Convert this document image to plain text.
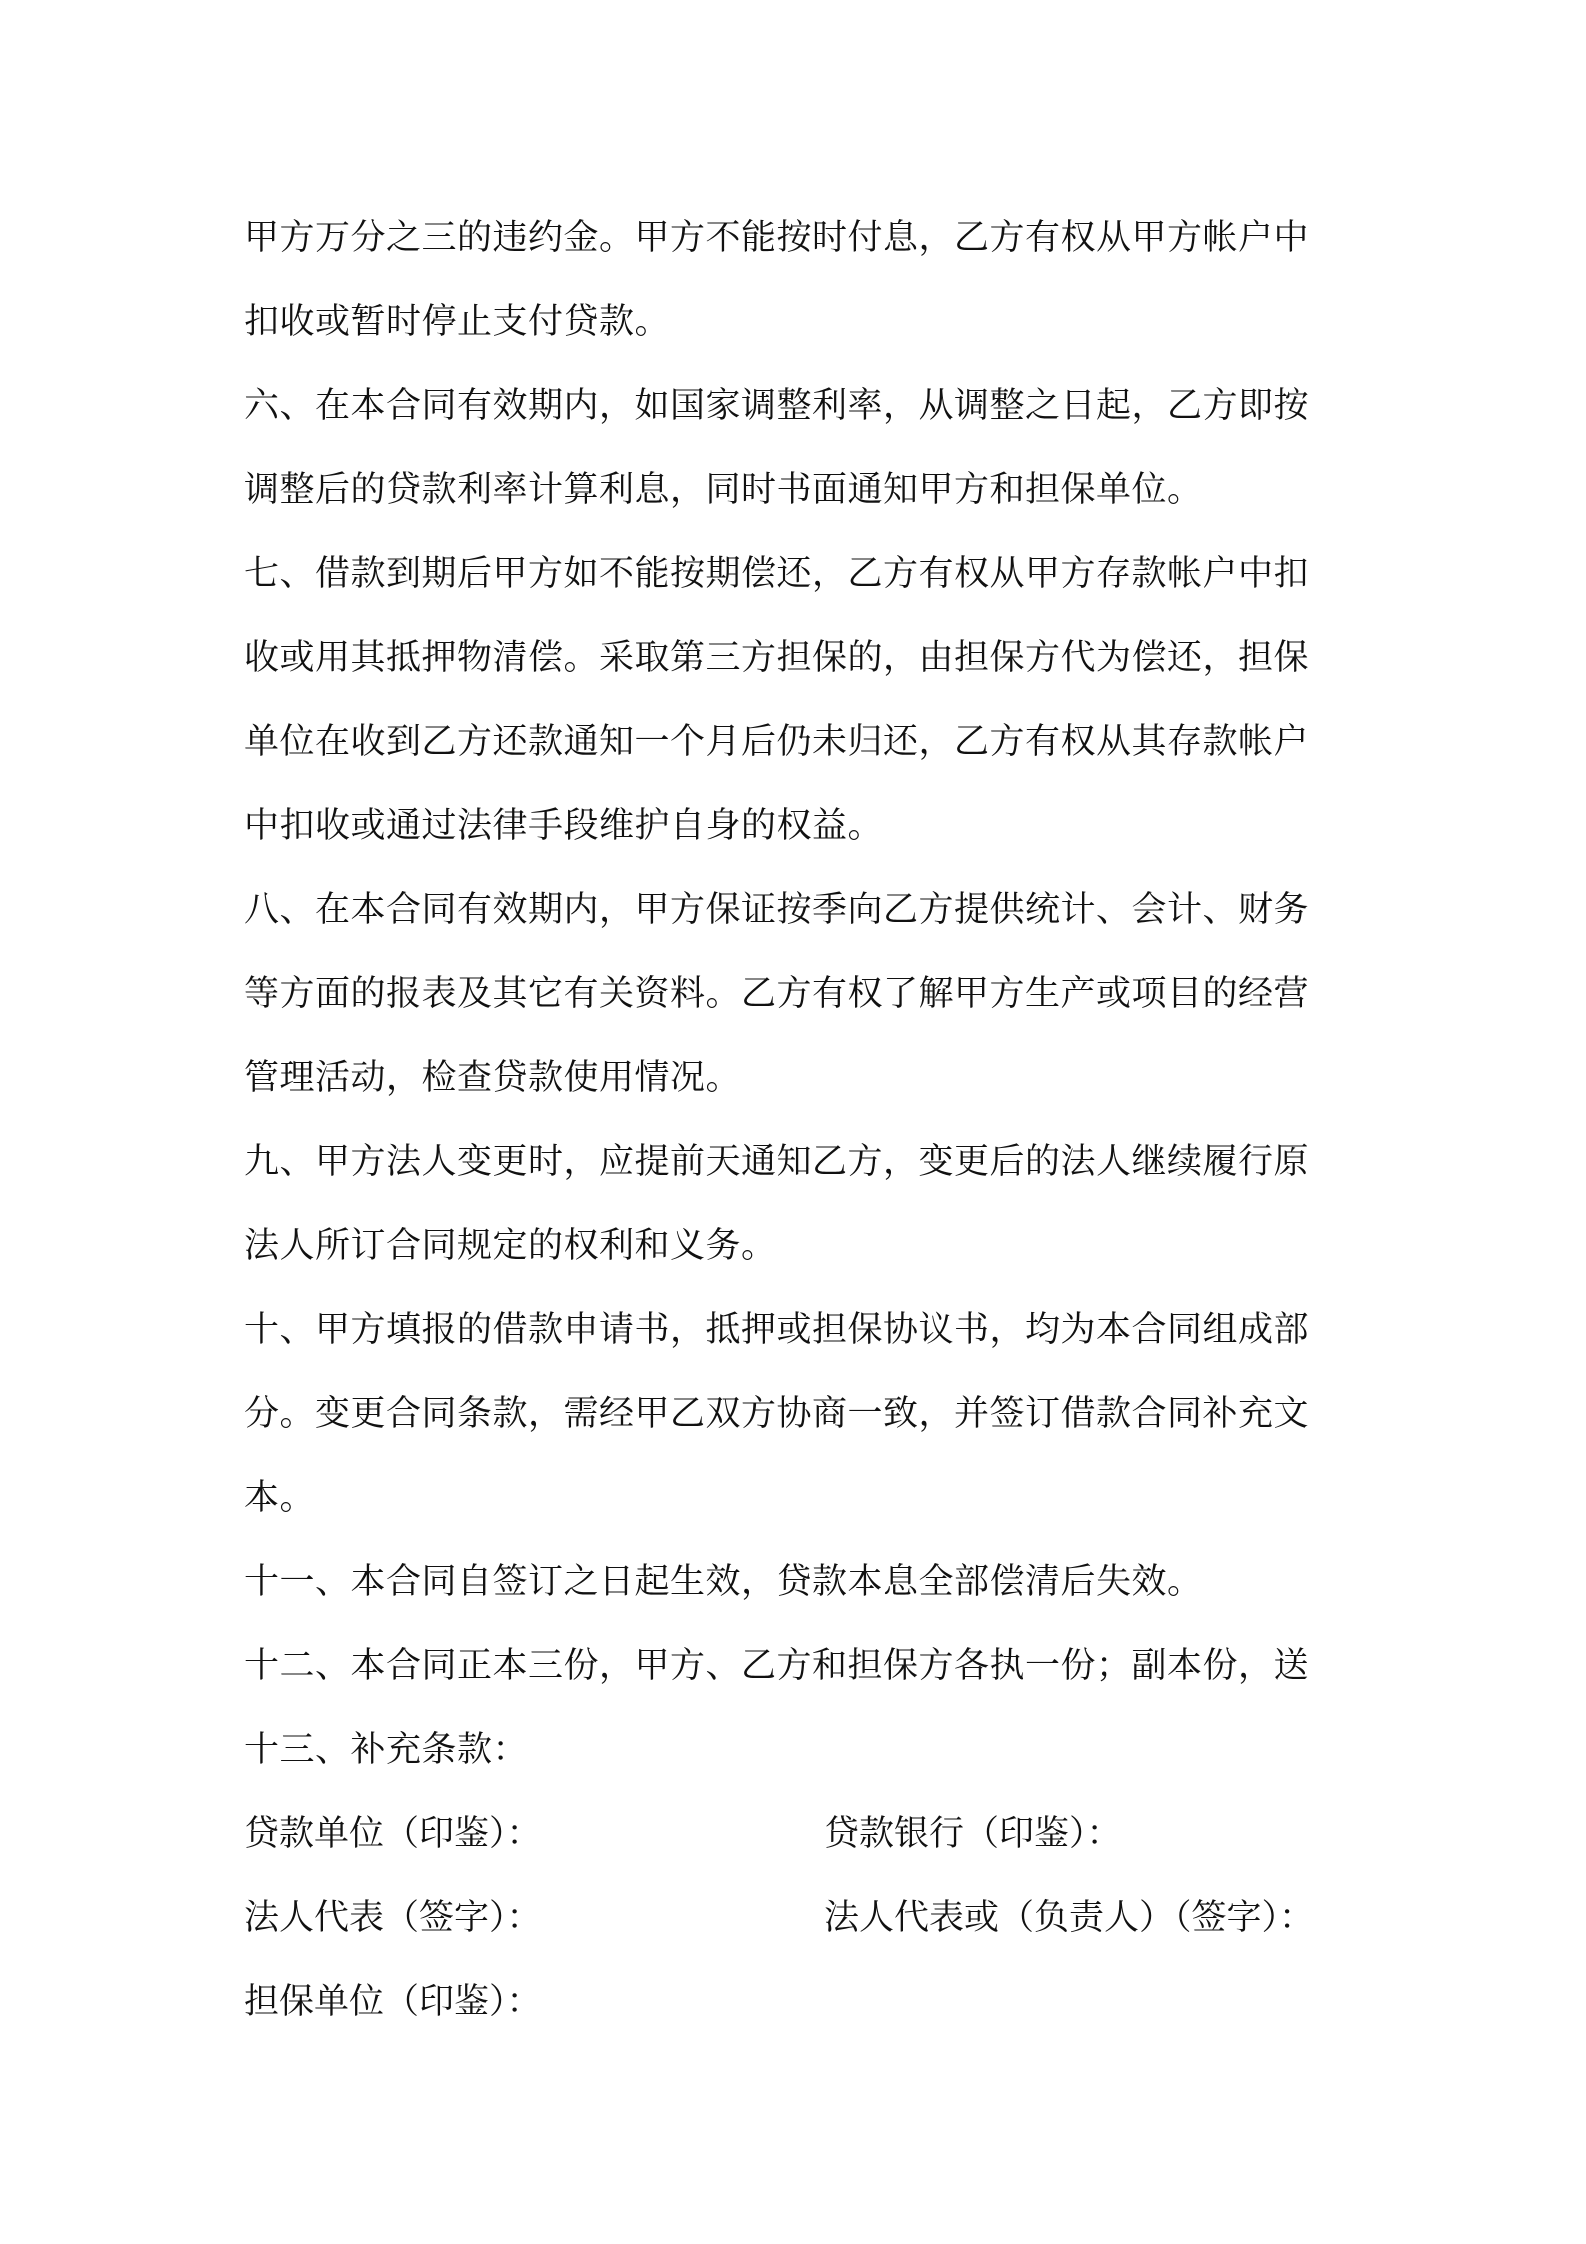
甲方万分之三的违约金。甲方不能按时付息，乙方有权从甲方帐户中
扣收或暂时停止支付贷款。
六、在本合同有效期内，如国家调整利率，从调整之日起，乙方即按
调整后的贷款利率计算利息，同时书面通知甲方和担保单位。
七、借款到期后甲方如不能按期偿还，乙方有权从甲方存款帐户中扣
收或用其抵押物清偿。采取第三方担保的，由担保方代为偿还，担保
单位在收到乙方还款通知一个月后仍未归还，乙方有权从其存款帐户
中扣收或通过法律手段维护自身的权益。
八、在本合同有效期内，甲方保证按季向乙方提供统计、会计、财务
等方面的报表及其它有关资料。乙方有权了解甲方生产或项目的经营
管理活动，检查贷款使用情况。
九、甲方法人变更时，应提前天通知乙方，变更后的法人继续履行原
法人所订合同规定的权利和义务。
十、甲方填报的借款申请书，抵押或担保协议书，均为本合同组成部
分。变更合同条款，需经甲乙双方协商一致，并签订借款合同补充文
本。
十一、本合同自签订之日起生效，贷款本息全部偿清后失效。
十二、本合同正本三份，甲方、乙方和担保方各执一份；副本份，送
十三、补充条款：
贷款单位（印鉴）：	贷款银行（印鉴）：
法人代表（签字）：	法人代表或（负责人）（签字）：
担保单位（印鉴）：
